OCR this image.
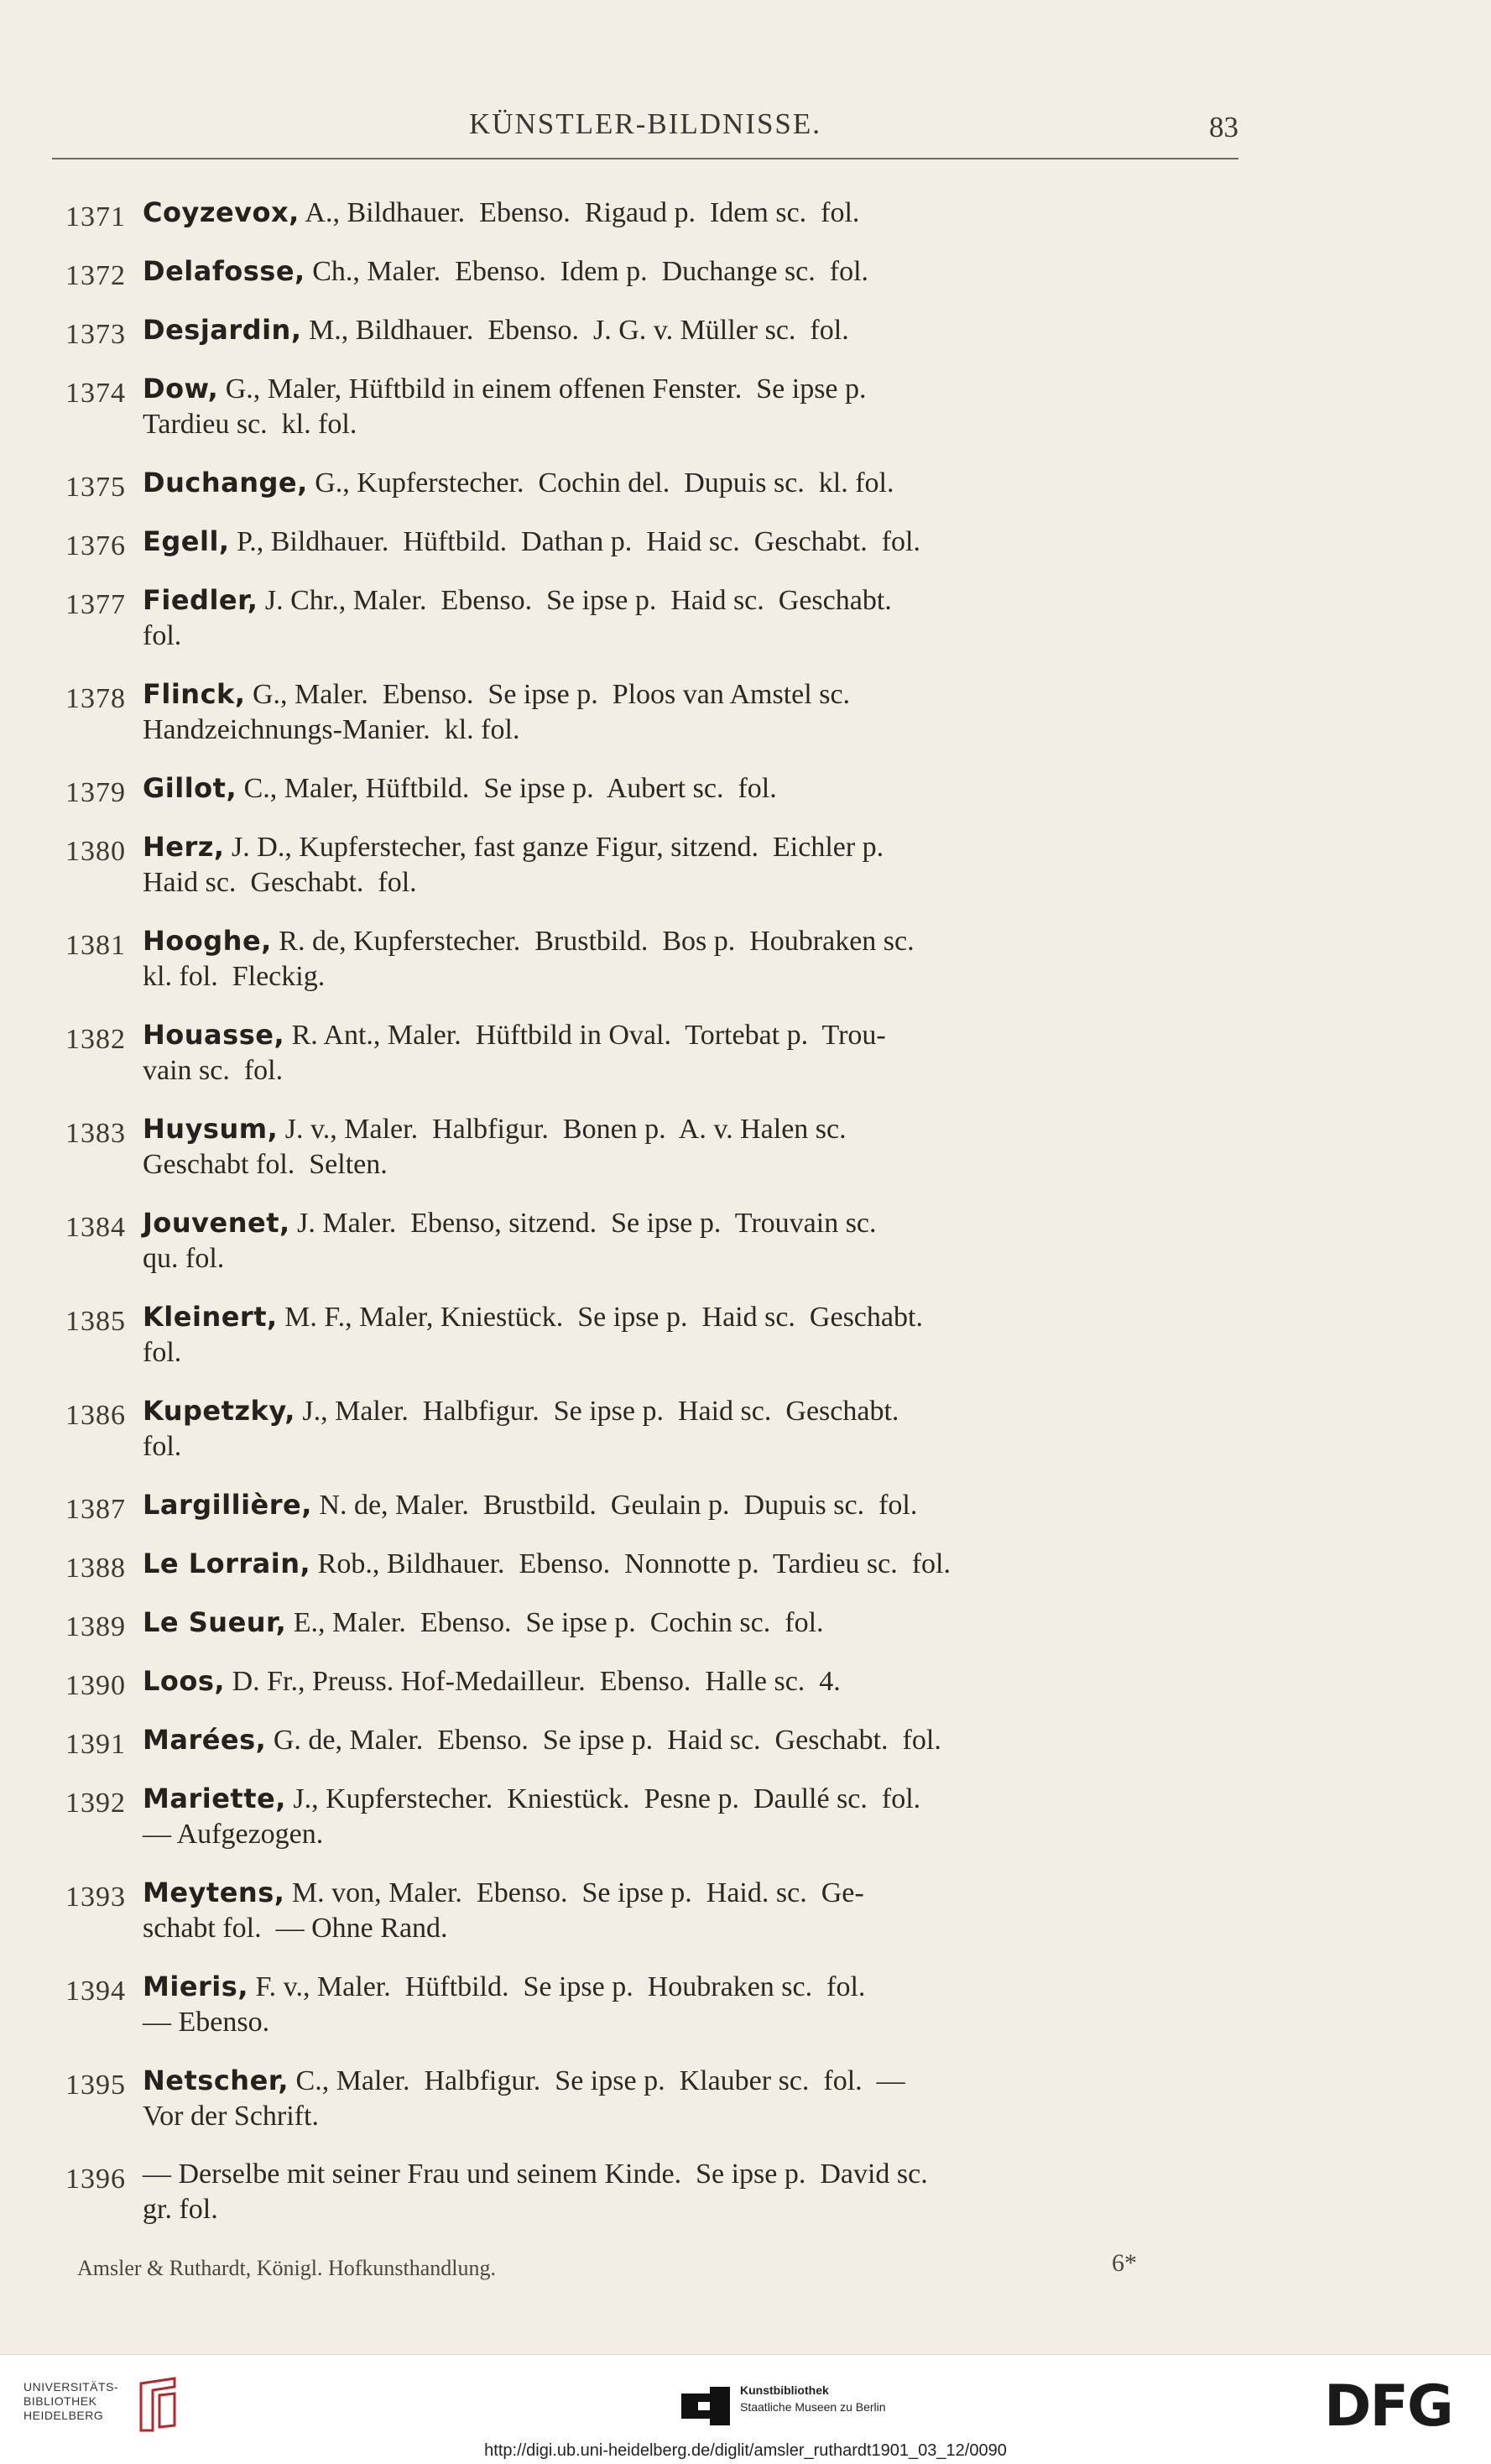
KÜNSTLER-BILDNISSE.	83
1371 Coyzevox, A., Bildhauer.  Ebenso.  Rigaud p.  Idem sc.  fol.
1372 Delafosse, Ch., Maler.  Ebenso.  Idem p.  Duchange sc.  fol.
1373 Desjardin, M., Bildhauer.  Ebenso.  J. G. v. Müller sc.  fol.
1374 Dow, G., Maler, Hüftbild in einem offenen Fenster.  Se ipse p.
Tardieu sc.  kl. fol.
1375 Duchange, G., Kupferstecher.  Cochin del.  Dupuis sc.  kl. fol.
1376 Egell, P., Bildhauer.  Hüftbild.  Dathan p.  Haid sc.  Geschabt.  fol.
1377 Fiedler, J. Chr., Maler.  Ebenso.  Se ipse p.  Haid sc.  Geschabt.
fol.
1378 Flinck, G., Maler.  Ebenso.  Se ipse p.  Ploos van Amstel sc.
Handzeichnungs-Manier.  kl. fol.
1379 Gillot, C., Maler, Hüftbild.  Se ipse p.  Aubert sc.  fol.
1380 Herz, J. D., Kupferstecher, fast ganze Figur, sitzend.  Eichler p.
Haid sc.  Geschabt.  fol.
1381 Hooghe, R. de, Kupferstecher.  Brustbild.  Bos p.  Houbraken sc.
kl. fol.  Fleckig.
1382 Houasse, R. Ant., Maler.  Hüftbild in Oval.  Tortebat p.  Trou-
vain sc.  fol.
1383 Huysum, J. v., Maler.  Halbfigur.  Bonen p.  A. v. Halen sc.
Geschabt fol.  Selten.
1384 Jouvenet, J. Maler.  Ebenso, sitzend.  Se ipse p.  Trouvain sc.
qu. fol.
1385 Kleinert, M. F., Maler, Kniestück.  Se ipse p.  Haid sc.  Geschabt.
fol.
1386 Kupetzky, J., Maler.  Halbfigur.  Se ipse p.  Haid sc.  Geschabt.
fol.
1387 Largillière, N. de, Maler.  Brustbild.  Geulain p.  Dupuis sc.  fol.
1388 Le Lorrain, Rob., Bildhauer.  Ebenso.  Nonnotte p.  Tardieu sc.  fol.
1389 Le Sueur, E., Maler.  Ebenso.  Se ipse p.  Cochin sc.  fol.
1390 Loos, D. Fr., Preuss. Hof-Medailleur.  Ebenso.  Halle sc.  4.
1391 Marées, G. de, Maler.  Ebenso.  Se ipse p.  Haid sc.  Geschabt.  fol.
1392 Mariette, J., Kupferstecher.  Kniestück.  Pesne p.  Daullé sc.  fol.
— Aufgezogen.
1393 Meytens, M. von, Maler.  Ebenso.  Se ipse p.  Haid. sc.  Ge-
schabt fol.  — Ohne Rand.
1394 Mieris, F. v., Maler.  Hüftbild.  Se ipse p.  Houbraken sc.  fol.
— Ebenso.
1395 Netscher, C., Maler.  Halbfigur.  Se ipse p.  Klauber sc.  fol.  —
Vor der Schrift.
1396 — Derselbe mit seiner Frau und seinem Kinde.  Se ipse p.  David sc.
gr. fol.
Amsler & Ruthardt, Königl. Hofkunsthandlung.	6*
UNIVERSITÄTS-
BIBLIOTHEK
HEIDELBERG
Kunstbibliothek
Staatliche Museen zu Berlin	DFG
http://digi.ub.uni-heidelberg.de/diglit/amsler_ruthardt1901_03_12/0090
